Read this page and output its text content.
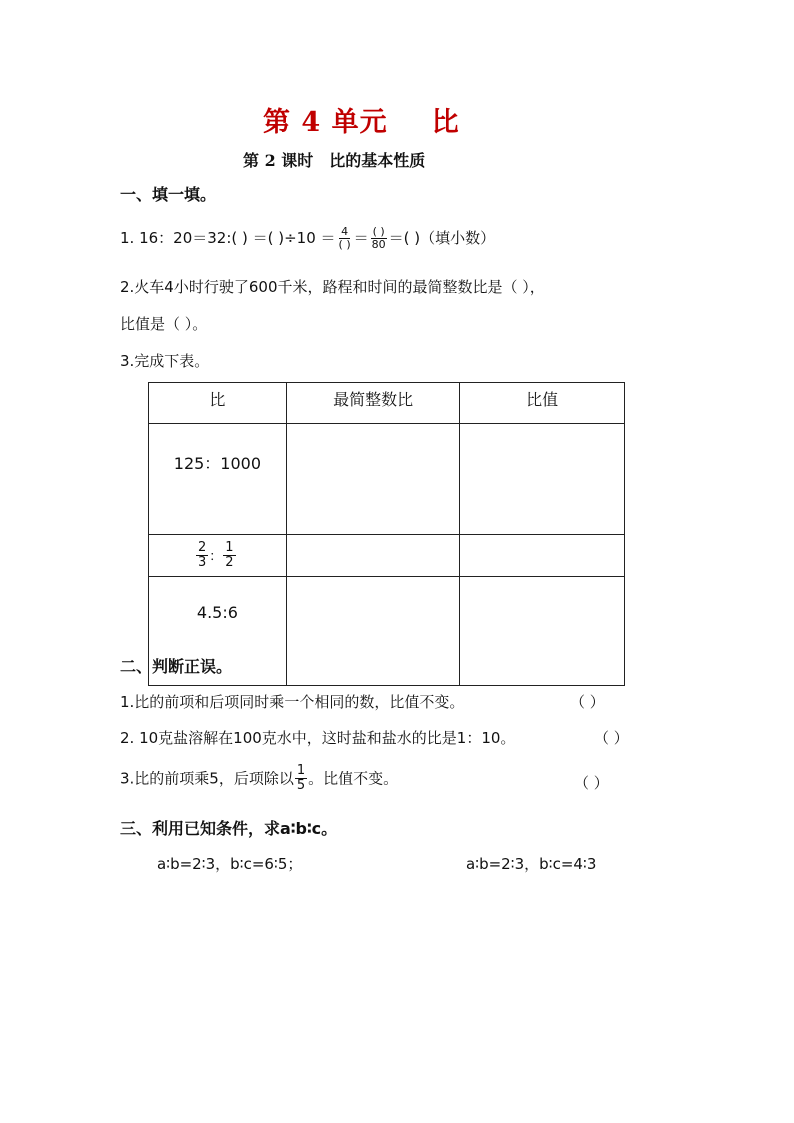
第 4 单元 比
第 2 课时 比的基本性质
一、填一填。
1. 16：20＝32:( ) ＝( )$\div 10 = \frac{4}{( )} = \frac{( )}{80}$ ＝( )（填小数）
2.火车4小时行驶了600千米，路程和时间的最简整数比是（ ），
比值是（ ）。
3.完成下表。
比	最简整数比	比值
125：1000		

$\frac{2}{3}$ ： $\frac{1}{2}$

4.5:6		
二、判断正误。
1.比的前项和后项同时乘一个相同的数，比值不变。	（ ）
2. 10克盐溶解在100克水中，这时盐和盐水的比是1：10。	（ ）
3.比的前项乘5，后项除以 $\frac{1}{5}$ 。比值不变。	（ ）
三、利用已知条件，求a∶b∶c。
a∶b=2∶3，b∶c=6∶5；	a∶b=2∶3，b∶c=4∶3
